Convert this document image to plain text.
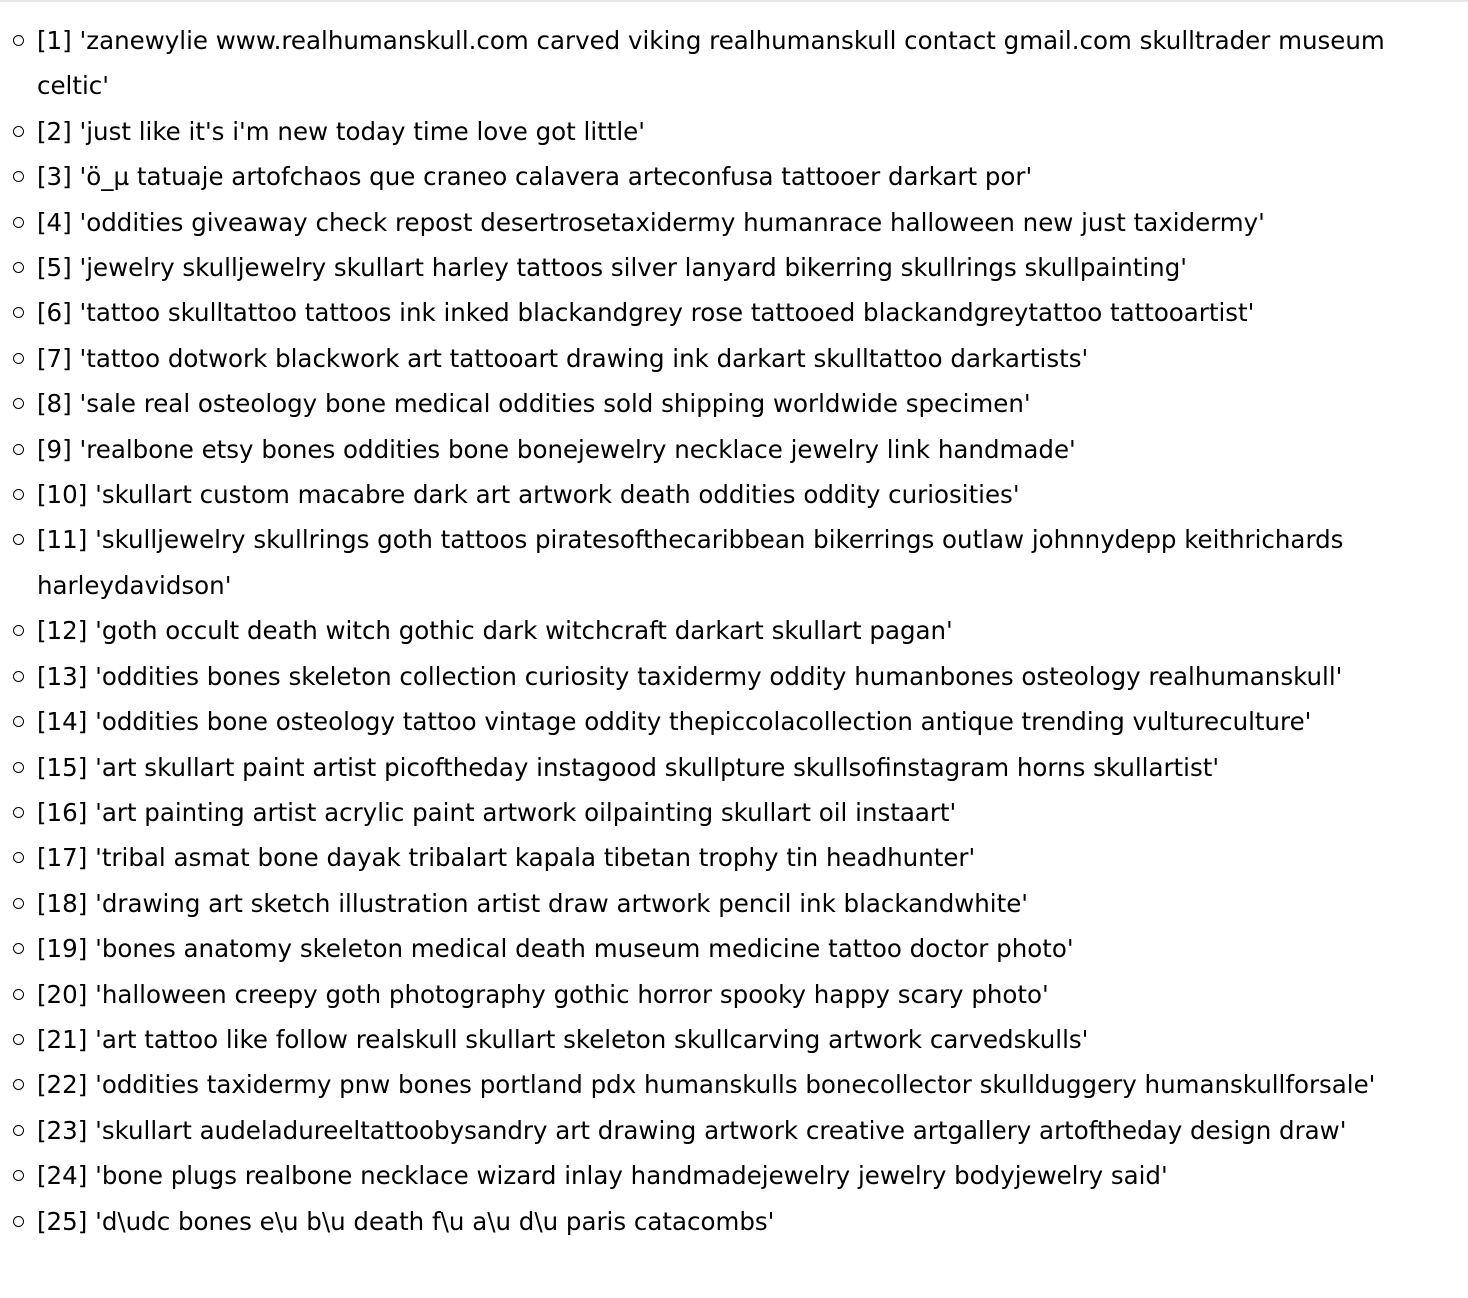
[1] 'zanewylie www.realhumanskull.com carved viking realhumanskull contact gmail.com skulltrader museum celtic'
[2] 'just like it's i'm new today time love got little'
[3] 'ö_µ tatuaje artofchaos que craneo calavera arteconfusa tattooer darkart por'
[4] 'oddities giveaway check repost desertrosetaxidermy humanrace halloween new just taxidermy'
[5] 'jewelry skulljewelry skullart harley tattoos silver lanyard bikerring skullrings skullpainting'
[6] 'tattoo skulltattoo tattoos ink inked blackandgrey rose tattooed blackandgreytattoo tattooartist'
[7] 'tattoo dotwork blackwork art tattooart drawing ink darkart skulltattoo darkartists'
[8] 'sale real osteology bone medical oddities sold shipping worldwide specimen'
[9] 'realbone etsy bones oddities bone bonejewelry necklace jewelry link handmade'
[10] 'skullart custom macabre dark art artwork death oddities oddity curiosities'
[11] 'skulljewelry skullrings goth tattoos piratesofthecaribbean bikerrings outlaw johnnydepp keithrichards harleydavidson'
[12] 'goth occult death witch gothic dark witchcraft darkart skullart pagan'
[13] 'oddities bones skeleton collection curiosity taxidermy oddity humanbones osteology realhumanskull'
[14] 'oddities bone osteology tattoo vintage oddity thepiccolacollection antique trending vultureculture'
[15] 'art skullart paint artist picoftheday instagood skullpture skullsofinstagram horns skullartist'
[16] 'art painting artist acrylic paint artwork oilpainting skullart oil instaart'
[17] 'tribal asmat bone dayak tribalart kapala tibetan trophy tin headhunter'
[18] 'drawing art sketch illustration artist draw artwork pencil ink blackandwhite'
[19] 'bones anatomy skeleton medical death museum medicine tattoo doctor photo'
[20] 'halloween creepy goth photography gothic horror spooky happy scary photo'
[21] 'art tattoo like follow realskull skullart skeleton skullcarving artwork carvedskulls'
[22] 'oddities taxidermy pnw bones portland pdx humanskulls bonecollector skullduggery humanskullforsale'
[23] 'skullart audeladureeltattoobysandry art drawing artwork creative artgallery artoftheday design draw'
[24] 'bone plugs realbone necklace wizard inlay handmadejewelry jewelry bodyjewelry said'
[25] 'd\udc bones e\u b\u death f\u a\u d\u paris catacombs'
